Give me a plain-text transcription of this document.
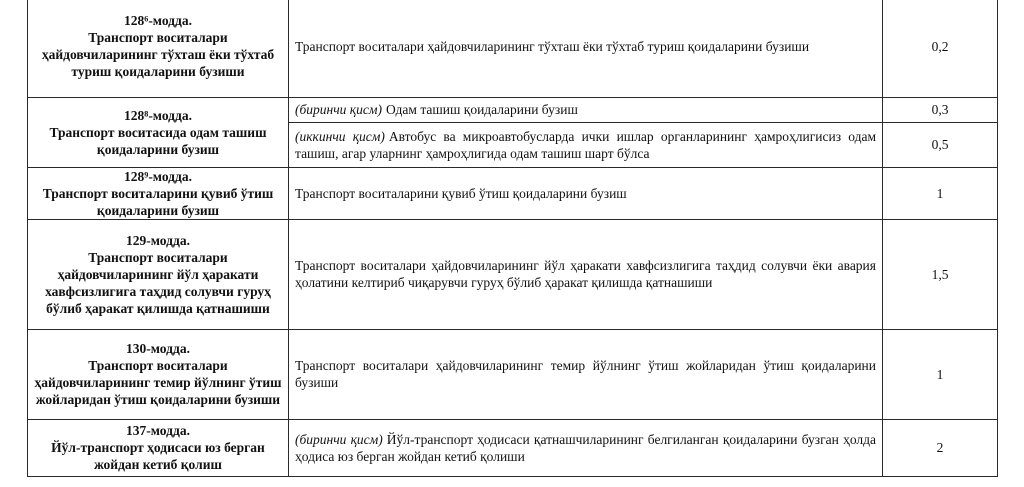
128⁶-модда.
Транспорт воситалари ҳайдовчиларининг тўхташ ёки тўхтаб туриш қоидаларини бузиши	Транспорт воситалари ҳайдовчиларининг тўхташ ёки тўхтаб туриш қоидаларини бузиши	0,2

128⁸-модда.
Транспорт воситасида одам ташиш қоидаларини бузиш	(биринчи қисм) Одам ташиш қоидаларини бузиш	0,3
	(иккинчи қисм) Автобус ва микроавтобусларда ички ишлар органларининг ҳамроҳлигисиз одам ташиш, агар уларнинг ҳамроҳлигида одам ташиш шарт бўлса	0,5

128⁹-модда.
Транспорт воситаларини қувиб ўтиш қоидаларини бузиш	Транспорт воситаларини қувиб ўтиш қоидаларини бузиш	1

129-модда.
Транспорт воситалари ҳайдовчиларининг йўл ҳаракати хавфсизлигига таҳдид солувчи гуруҳ бўлиб ҳаракат қилишда қатнашиши	Транспорт воситалари ҳайдовчиларининг йўл ҳаракати хавфсизлигига таҳдид солувчи ёки авария ҳолатини келтириб чиқарувчи гуруҳ бўлиб ҳаракат қилишда қатнашиши	1,5

130-модда.
Транспорт воситалари ҳайдовчиларининг темир йўлнинг ўтиш жойларидан ўтиш қоидаларини бузиши	Транспорт воситалари ҳайдовчиларининг темир йўлнинг ўтиш жойларидан ўтиш қоидаларини бузиши	1

137-модда.
Йўл-транспорт ҳодисаси юз берган жойдан кетиб қолиш	(биринчи қисм) Йўл-транспорт ҳодисаси қатнашчиларининг белгиланган қоидаларини бузган ҳолда ҳодиса юз берган жойдан кетиб қолиши	2
